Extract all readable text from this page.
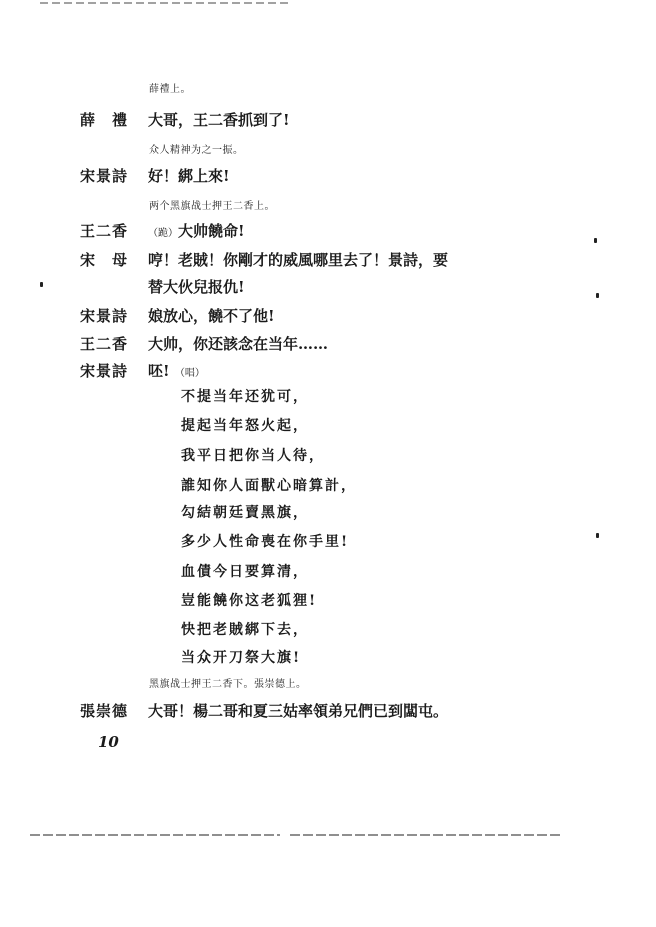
薛禮上。
薛　禮 大哥，王二香抓到了!
众人精神为之一振。
宋景詩 好！綁上來!
两个黑旗战士押王二香上。
王二香 （跪）大帅饒命!
宋　母 哼！老賊！你剛才的威風哪里去了！景詩，要
替大伙兒报仇!
宋景詩 娘放心，饒不了他!
王二香 大帅，你还該念在当年……
宋景詩 呸! （唱）
不提当年还犹可，
提起当年怒火起，
我平日把你当人待，
誰知你人面獸心暗算計，
勾結朝廷賣黑旗，
多少人性命喪在你手里!
血債今日要算清，
豈能饒你这老狐狸!
快把老賊綁下去，
当众开刀祭大旗!
黑旗战士押王二香下。張崇德上。
張崇德 大哥！楊二哥和夏三姑率領弟兄們已到闆屯。
10
